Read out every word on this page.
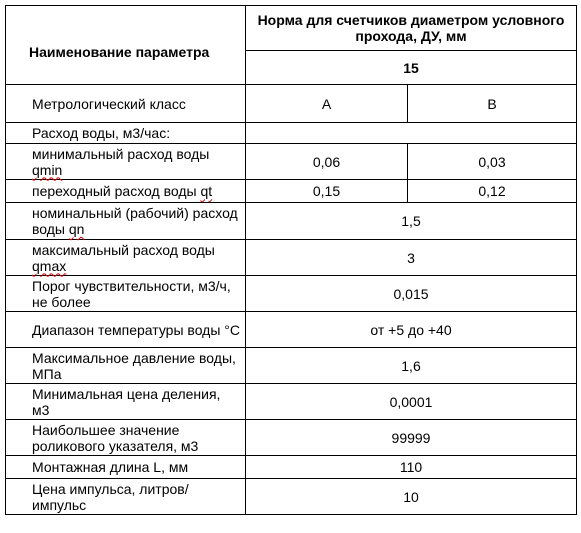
Наименование параметра	Норма для счетчиков диаметром условного прохода, ДУ, мм	
	15	
Метрологический класс	А	В
Расход воды, м3/час:		
минимальный расход воды qmin	0,06	0,03
переходный расход воды qt	0,15	0,12
номинальный (рабочий) расход воды qn	1,5	
максимальный расход воды qmax	3	
Порог чувствительности, м3/ч, не более	0,015	
Диапазон температуры воды °С	от +5 до +40	
Максимальное давление воды, МПа	1,6	
Минимальная цена деления, м3	0,0001	
Наибольшее значение роликового указателя, м3	99999	
Монтажная длина L, мм	110	
Цена импульса, литров/импульс	10	
